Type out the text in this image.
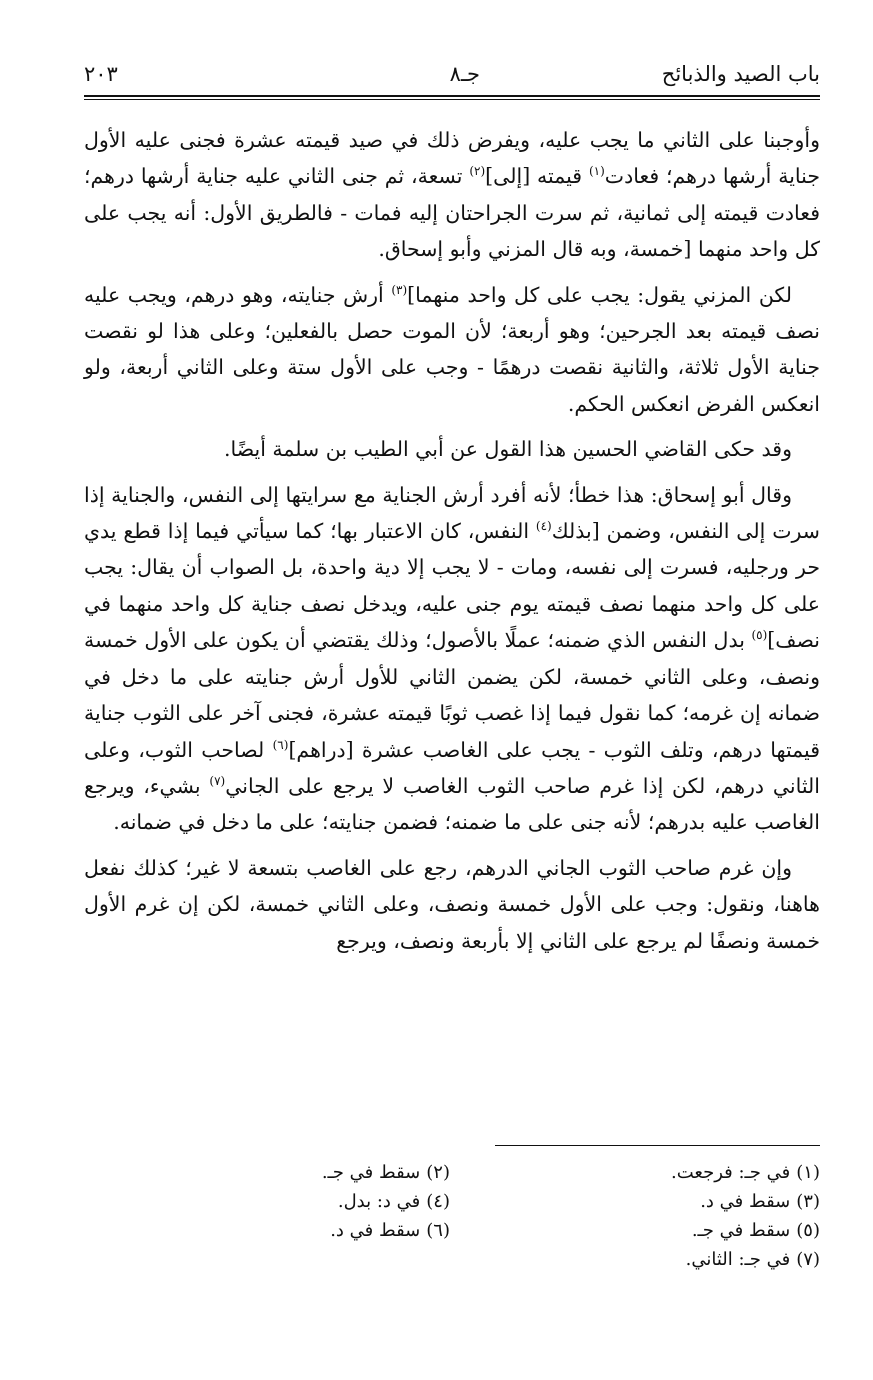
باب الصيد والذبائح
جـ٨
٢٠٣

وأوجبنا على الثاني ما يجب عليه، ويفرض ذلك في صيد قيمته عشرة فجنى عليه الأول جناية أرشها درهم؛ فعادت$^{(١)}$ قيمته [إلى]$^{(٢)}$ تسعة، ثم جنى الثاني عليه جناية أرشها درهم؛ فعادت قيمته إلى ثمانية، ثم سرت الجراحتان إليه فمات - فالطريق الأول: أنه يجب على كل واحد منهما [خمسة، وبه قال المزني وأبو إسحاق.

لكن المزني يقول: يجب على كل واحد منهما]$^{(٣)}$ أرش جنايته، وهو درهم، ويجب عليه نصف قيمته بعد الجرحين؛ وهو أربعة؛ لأن الموت حصل بالفعلين؛ وعلى هذا لو نقصت جناية الأول ثلاثة، والثانية نقصت درهمًا - وجب على الأول ستة وعلى الثاني أربعة، ولو انعكس الفرض انعكس الحكم.

وقد حكى القاضي الحسين هذا القول عن أبي الطيب بن سلمة أيضًا.

وقال أبو إسحاق: هذا خطأ؛ لأنه أفرد أرش الجناية مع سرايتها إلى النفس، والجناية إذا سرت إلى النفس، وضمن [بذلك$^{(٤)}$ النفس، كان الاعتبار بها؛ كما سيأتي فيما إذا قطع يدي حر ورجليه، فسرت إلى نفسه، ومات - لا يجب إلا دية واحدة، بل الصواب أن يقال: يجب على كل واحد منهما نصف قيمته يوم جنى عليه، ويدخل نصف جناية كل واحد منهما في نصف]$^{(٥)}$ بدل النفس الذي ضمنه؛ عملًا بالأصول؛ وذلك يقتضي أن يكون على الأول خمسة ونصف، وعلى الثاني خمسة، لكن يضمن الثاني للأول أرش جنايته على ما دخل في ضمانه إن غرمه؛ كما نقول فيما إذا غصب ثوبًا قيمته عشرة، فجنى آخر على الثوب جناية قيمتها درهم، وتلف الثوب - يجب على الغاصب عشرة [دراهم]$^{(٦)}$ لصاحب الثوب، وعلى الثاني درهم، لكن إذا غرم صاحب الثوب الغاصب لا يرجع على الجاني$^{(٧)}$ بشيء، ويرجع الغاصب عليه بدرهم؛ لأنه جنى على ما ضمنه؛ فضمن جنايته؛ على ما دخل في ضمانه.

وإن غرم صاحب الثوب الجاني الدرهم، رجع على الغاصب بتسعة لا غير؛ كذلك نفعل هاهنا، ونقول: وجب على الأول خمسة ونصف، وعلى الثاني خمسة، لكن إن غرم الأول خمسة ونصفًا لم يرجع على الثاني إلا بأربعة ونصف، ويرجع

(١)في جـ: فرجعت.
(٢)سقط في جـ.
(٣)سقط في د.
(٤)في د: بدل.
(٥)سقط في جـ.
(٦)سقط في د.
(٧)في جـ: الثاني.
